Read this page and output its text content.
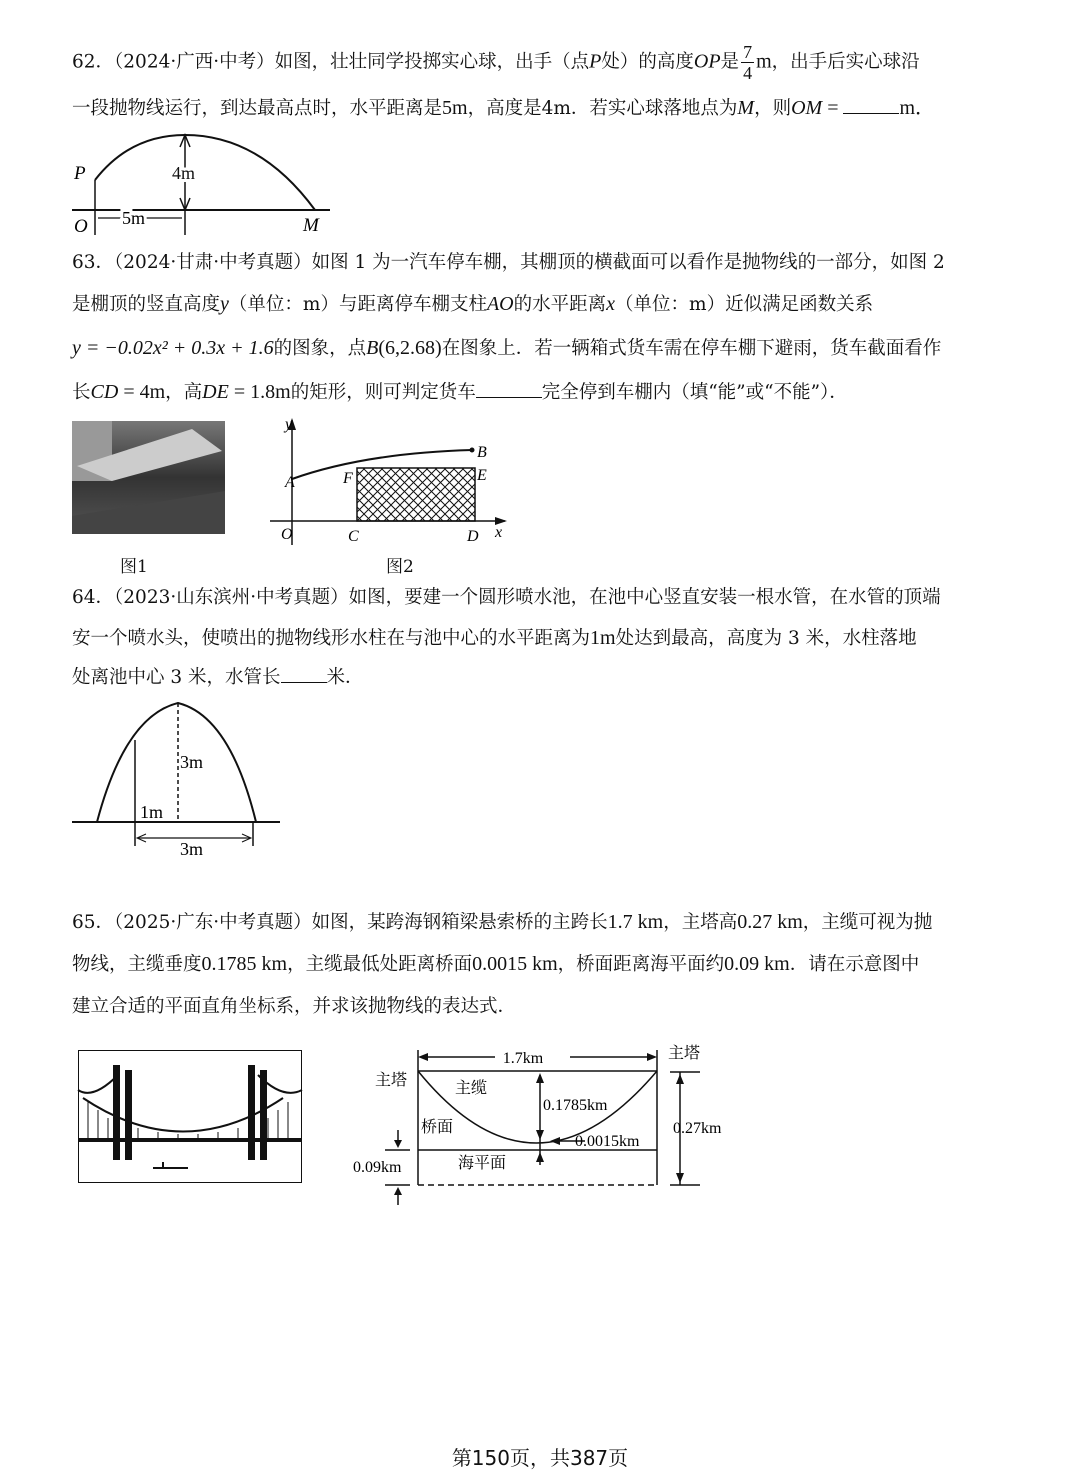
62．（2024·广西·中考）如图，壮壮同学投掷实心球，出手（点P处）的高度OP是 $\frac{7}{4}$ m，出手后实心球沿
一段抛物线运行，到达最高点时，水平距离是5m，高度是4m．若实心球落地点为M，则OM =	m．
P	4m
O 5m	M
63．（2024·甘肃·中考真题）如图 1 为一汽车停车棚，其棚顶的横截面可以看作是抛物线的一部分，如图 2
是棚顶的竖直高度y（单位：m）与距离停车棚支柱AO的水平距离x（单位：m）近似满足函数关系
y = −0.02x² + 0.3x + 1.6的图象，点B(6,2.68)在图象上．若一辆箱式货车需在停车棚下避雨，货车截面看作
长CD = 4m，高DE = 1.8m的矩形，则可判定货车	完全停到车棚内（填“能”或“不能”）．
图1
y
x
B
A	F	E
O	C	D
图2
64．（2023·山东滨州·中考真题）如图，要建一个圆形喷水池，在池中心竖直安装一根水管，在水管的顶端
安一个喷水头，使喷出的抛物线形水柱在与池中心的水平距离为1m处达到最高，高度为 3 米，水柱落地
处离池中心 3 米，水管长 米．
3m
1m
3m
65．（2025·广东·中考真题）如图，某跨海钢箱梁悬索桥的主跨长1.7 km，主塔高0.27 km，主缆可视为抛
物线，主缆垂度0.1785 km，主缆最低处距离桥面0.0015 km，桥面距离海平面约0.09 km．请在示意图中
建立合适的平面直角坐标系，并求该抛物线的表达式．
1.7km
主塔
主塔
主缆
桥面
海平面
0.1785km
0.0015km
0.27km
0.09km
第150页，共387页
